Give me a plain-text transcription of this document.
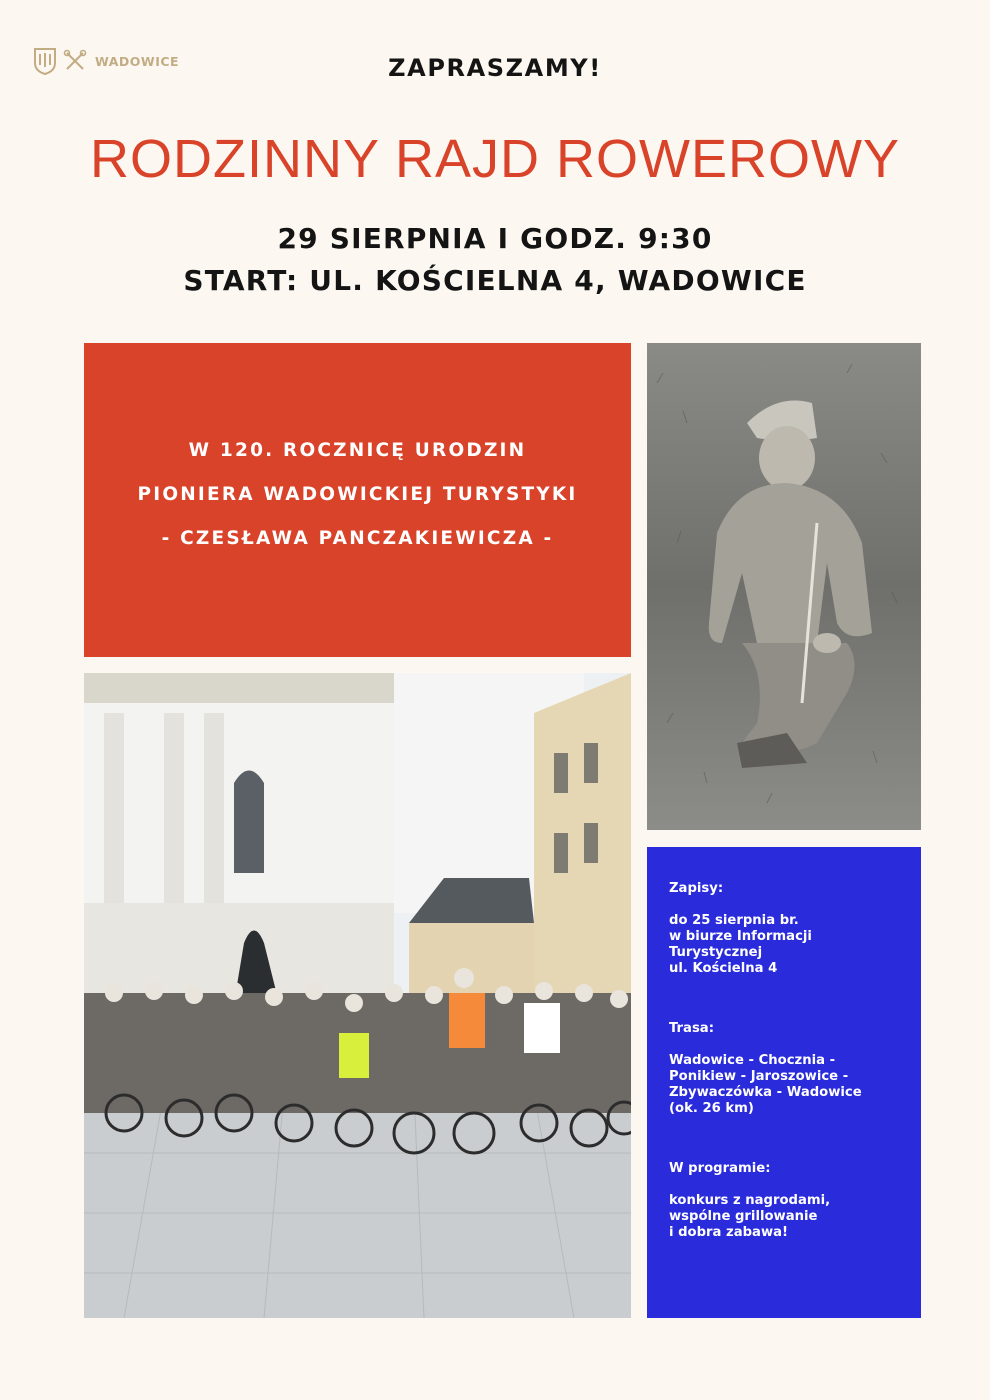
WADOWICE	ZAPRASZAMY!
RODZINNY RAJD ROWEROWY
29 SIERPNIA I GODZ. 9:30
START: UL. KOŚCIELNA 4, WADOWICE
W 120. ROCZNICĘ URODZIN
PIONIERA WADOWICKIEJ TURYSTYKI
- CZESŁAWA PANCZAKIEWICZA -

Zapisy:

do 25 sierpnia br.

w biurze Informacji

Turystycznej

ul. Kościelna 4

Trasa:

Wadowice - Chocznia -

Ponikiew - Jaroszowice -

Zbywaczówka - Wadowice

(ok. 26 km)

W programie:

konkurs z nagrodami,

wspólne grillowanie

i dobra zabawa!
